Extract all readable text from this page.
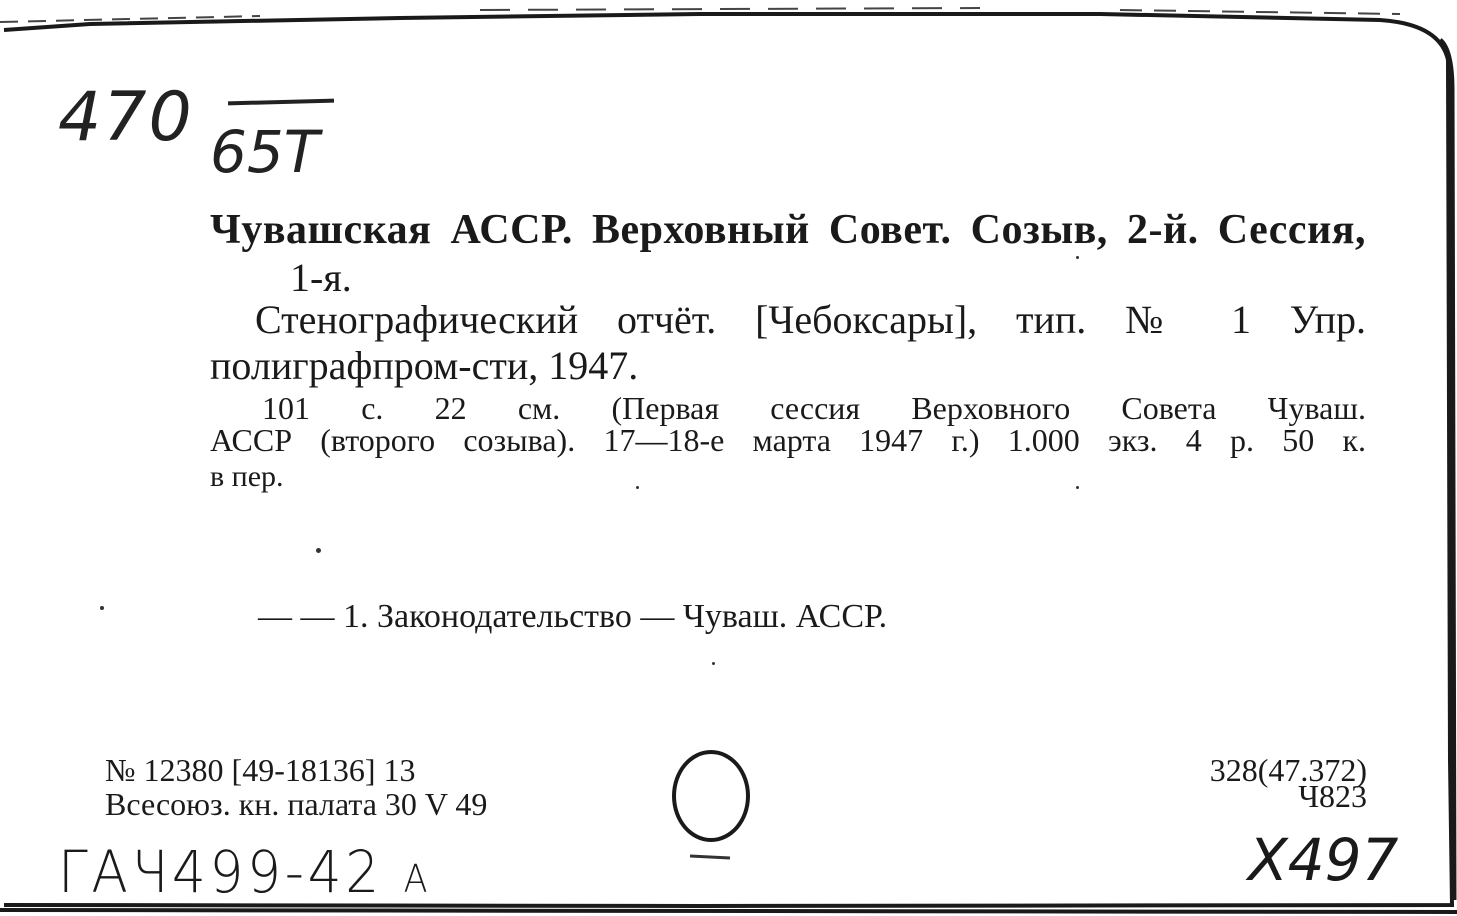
470 65Т
Чувашская АССР. Верховный Совет. Созыв, 2-й. Сессия,
1-я.
Стенографический отчёт. [Чебоксары], тип. № 1 Упр.
полиграфпром-сти, 1947.
101 с. 22 см. (Первая сессия Верховного Совета Чуваш.
АССР (второго созыва). 17—18-е марта 1947 г.) 1.000 экз. 4 р. 50 к.
в пер.
— — 1. Законодательство — Чуваш. АССР.
№ 12380 [49-18136] 13
Всесоюз. кн. палата 30 V 49
328(47.372)
Ч823
ГАЧ499-42 А	Х497
